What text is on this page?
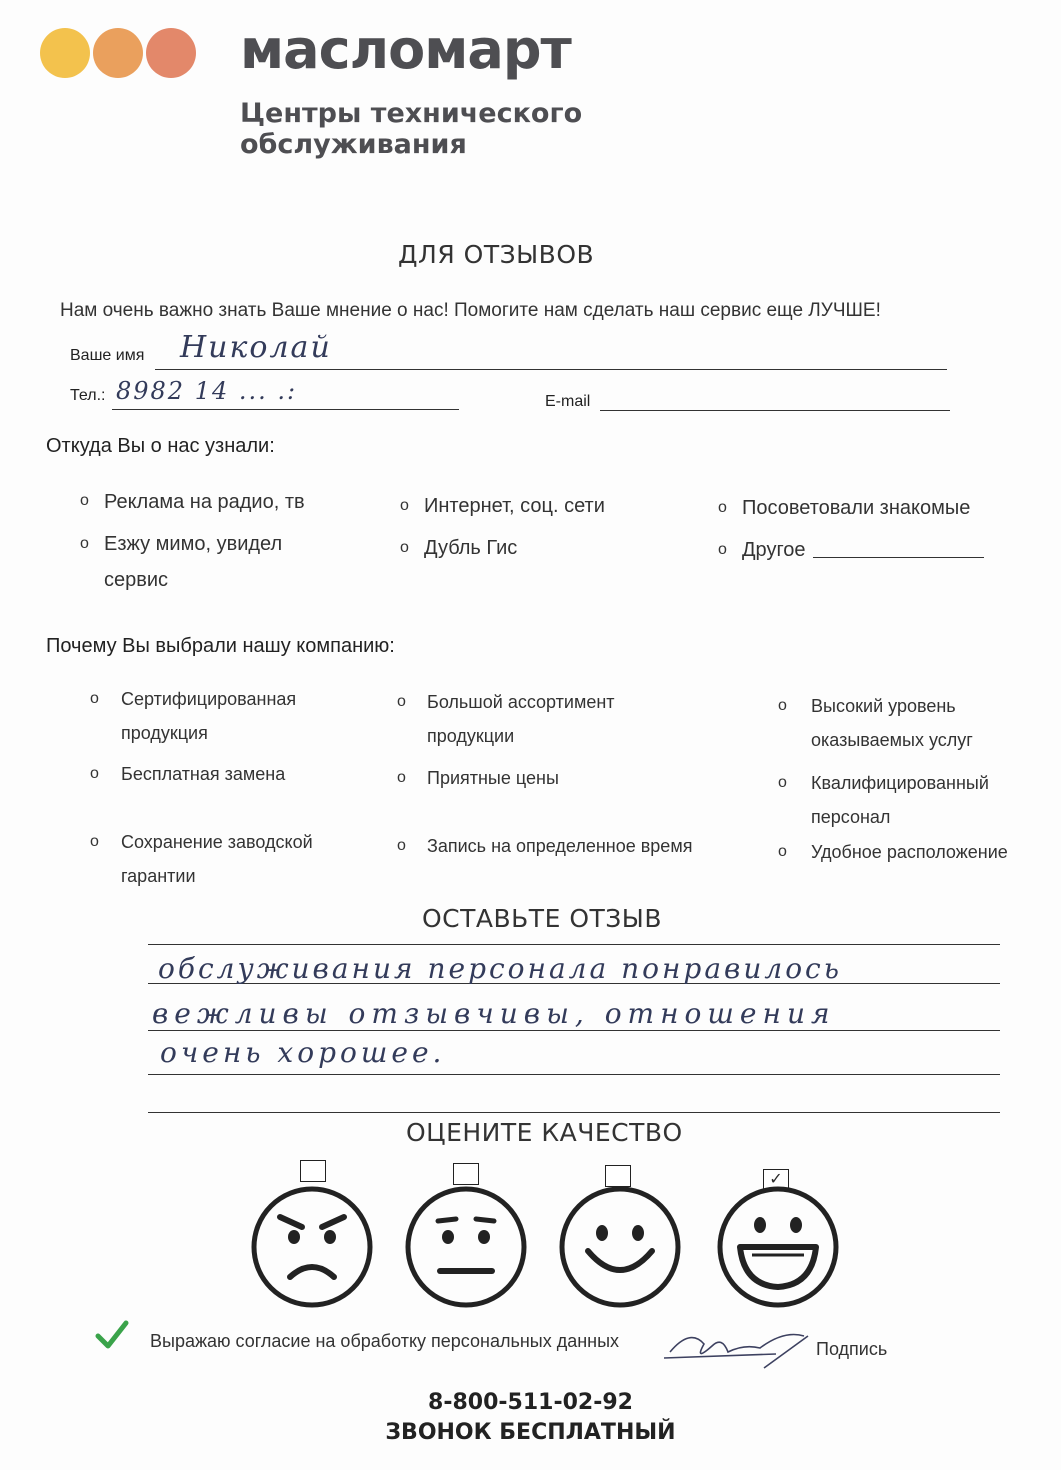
масломарт
Центры технического обслуживания
ДЛЯ ОТЗЫВОВ
Нам очень важно знать Ваше мнение о нас! Помогите нам сделать наш сервис еще ЛУЧШЕ!
Ваше имя Николай
Тел.: 8982 14 ... .:	E-mail
Откуда Вы о нас узнали:
o Реклама на радио, тв
o Езжу мимо, увидел сервис
o Интернет, соц. сети
o Дубль Гис
o Посоветовали знакомые
o Другое
Почему Вы выбрали нашу компанию:
o Сертифицированная продукция
o Бесплатная замена
o Сохранение заводской гарантии
o Большой ассортимент продукции
o Приятные цены
o Запись на определенное время
o Высокий уровень оказываемых услуг
o Квалифицированный персонал
o Удобное расположение
ОСТАВЬТЕ ОТЗЫВ
обслуживания персонала понравилось
вежливы отзывчивы, отношения
очень хорошее.
ОЦЕНИТЕ КАЧЕСТВО
✓
Выражаю согласие на обработку персональных данных	Подпись
8-800-511-02-92
ЗВОНОК БЕСПЛАТНЫЙ
